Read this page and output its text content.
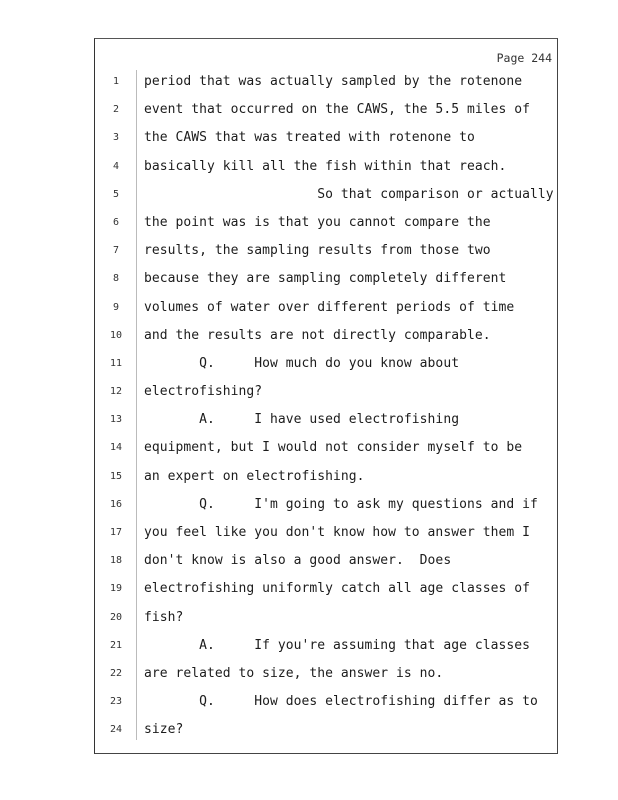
Page 244
1	period that was actually sampled by the rotenone
2	event that occurred on the CAWS, the 5.5 miles of
3	the CAWS that was treated with rotenone to
4	basically kill all the fish within that reach.
5	So that comparison or actually
6	the point was is that you cannot compare the
7	results, the sampling results from those two
8	because they are sampling completely different
9	volumes of water over different periods of time
10	and the results are not directly comparable.
11	Q.     How much do you know about
12	electrofishing?
13	A.     I have used electrofishing
14	equipment, but I would not consider myself to be
15	an expert on electrofishing.
16	Q.     I'm going to ask my questions and if
17	you feel like you don't know how to answer them I
18	don't know is also a good answer.  Does
19	electrofishing uniformly catch all age classes of
20	fish?
21	A.     If you're assuming that age classes
22	are related to size, the answer is no.
23	Q.     How does electrofishing differ as to
24	size?
